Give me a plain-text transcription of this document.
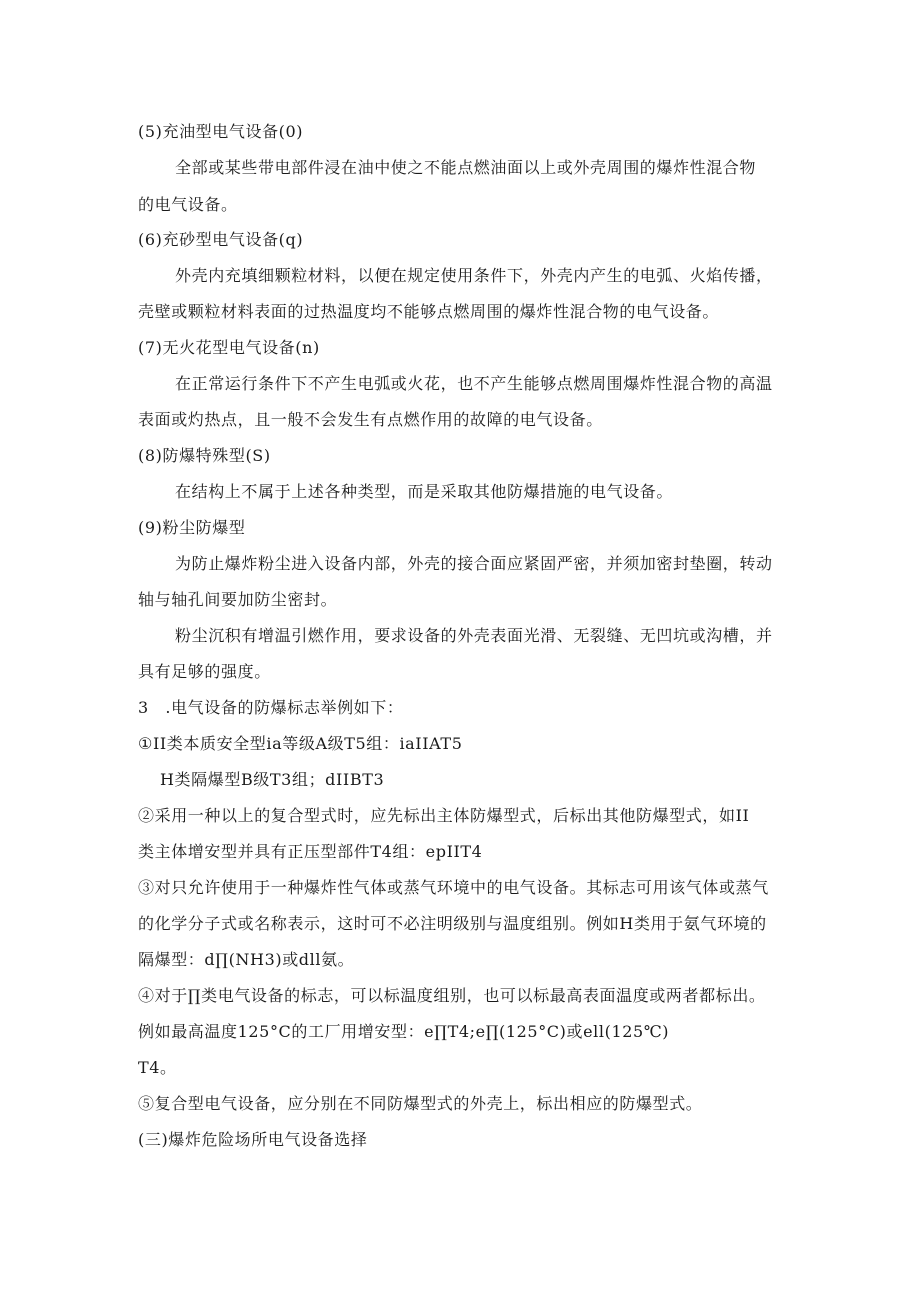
(5)充油型电气设备(0)
全部或某些带电部件浸在油中使之不能点燃油面以上或外壳周围的爆炸性混合物
的电气设备。
(6)充砂型电气设备(q)
外壳内充填细颗粒材料，以便在规定使用条件下，外壳内产生的电弧、火焰传播，
壳壁或颗粒材料表面的过热温度均不能够点燃周围的爆炸性混合物的电气设备。
(7)无火花型电气设备(n)
在正常运行条件下不产生电弧或火花，也不产生能够点燃周围爆炸性混合物的高温
表面或灼热点，且一般不会发生有点燃作用的故障的电气设备。
(8)防爆特殊型(S)
在结构上不属于上述各种类型，而是采取其他防爆措施的电气设备。
(9)粉尘防爆型
为防止爆炸粉尘进入设备内部，外壳的接合面应紧固严密，并须加密封垫圈，转动
轴与轴孔间要加防尘密封。
粉尘沉积有增温引燃作用，要求设备的外壳表面光滑、无裂缝、无凹坑或沟槽，并
具有足够的强度。
3　.电气设备的防爆标志举例如下：
①II类本质安全型ia等级A级T5组：iaIIAT5
H类隔爆型B级T3组；dIIBT3
②采用一种以上的复合型式时，应先标出主体防爆型式，后标出其他防爆型式，如II
类主体增安型并具有正压型部件T4组：epIIT4
③对只允许使用于一种爆炸性气体或蒸气环境中的电气设备。其标志可用该气体或蒸气
的化学分子式或名称表示，这时可不必注明级别与温度组别。例如H类用于氨气环境的
隔爆型：d∏(NH3)或dll氨。
④对于∏类电气设备的标志，可以标温度组别，也可以标最高表面温度或两者都标出。
例如最高温度125°C的工厂用增安型：e∏T4;e∏(125°C)或ell(125℃)
T4。
⑤复合型电气设备，应分别在不同防爆型式的外壳上，标出相应的防爆型式。
(三)爆炸危险场所电气设备选择
